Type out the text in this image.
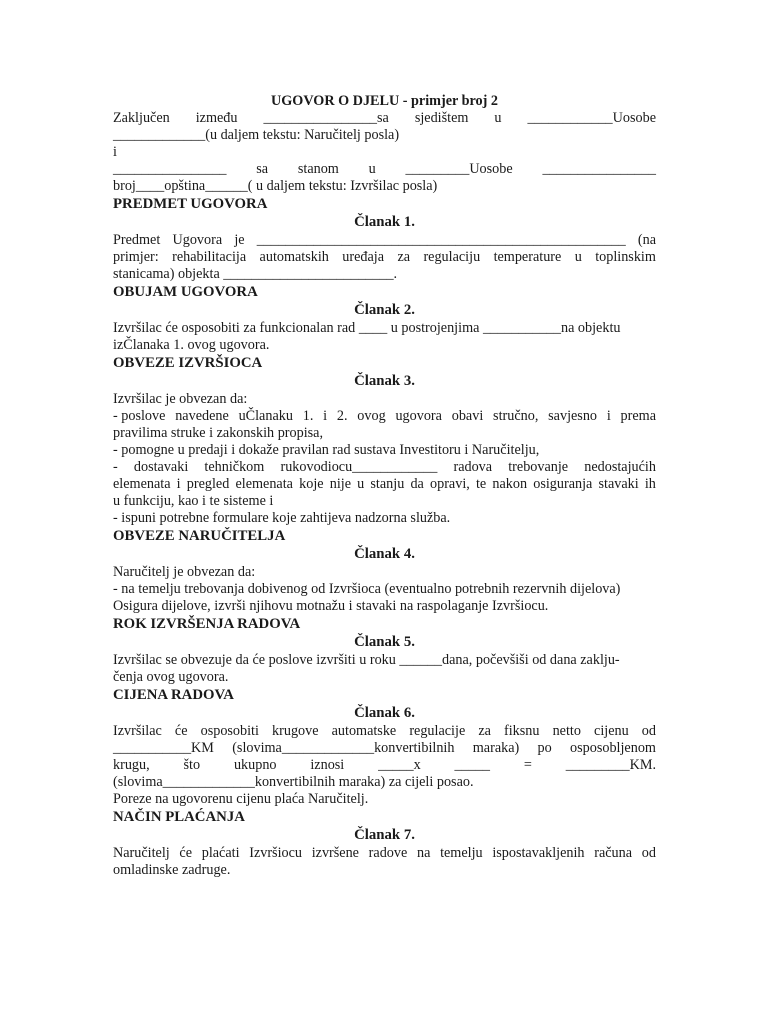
UGOVOR O DJELU - primjer broj 2
Zaključen između ________________sa sjedištem u ____________Uosobe
_____________(u daljem tekstu: Naručitelj posla)
i
________________ sa stanom u _________Uosobe ________________
broj____opština______( u daljem tekstu: Izvršilac posla)
PREDMET UGOVORA
Članak 1.
Predmet Ugovora je ____________________________________________________ (na
primjer: rehabilitacija automatskih uređaja za regulaciju temperature u toplinskim
stanicama) objekta ________________________.
OBUJAM UGOVORA
Članak 2.
Izvršilac će osposobiti za funkcionalan rad ____ u postrojenjima ___________na objektu
izČlanaka 1. ovog ugovora.
OBVEZE IZVRŠIOCA
Članak 3.
Izvršilac je obvezan da:
- poslove navedene uČlanaku 1. i 2. ovog ugovora obavi stručno, savjesno i prema
pravilima struke i zakonskih propisa,
- pomogne u predaji i dokaže pravilan rad sustava Investitoru i Naručitelju,
- dostavaki tehničkom rukovodiocu____________ radova trebovanje nedostajućih
elemenata i pregled elemenata koje nije u stanju da opravi, te nakon osiguranja stavaki ih
u funkciju, kao i te sisteme i
- ispuni potrebne formulare koje zahtijeva nadzorna služba.
OBVEZE NARUČITELJA
Članak 4.
Naručitelj je obvezan da:
- na temelju trebovanja dobivenog od Izvršioca (eventualno potrebnih rezervnih dijelova)
Osigura dijelove, izvrši njihovu motnažu i stavaki na raspolaganje Izvršiocu.
ROK IZVRŠENJA RADOVA
Članak 5.
Izvršilac se obvezuje da će poslove izvršiti u roku ______dana, počevšiši od dana zaklju-
čenja ovog ugovora.
CIJENA RADOVA
Članak 6.
Izvršilac će osposobiti krugove automatske regulacije za fiksnu netto cijenu od
___________KM (slovima_____________konvertibilnih maraka) po osposobljenom
krugu, što ukupno iznosi _____x _____ = _________KM.
(slovima_____________konvertibilnih maraka) za cijeli posao.
Poreze na ugovorenu cijenu plaća Naručitelj.
NAČIN PLAĆANJA
Članak 7.
Naručitelj će plaćati Izvršiocu izvršene radove na temelju ispostavakljenih računa od
omladinske zadruge.
